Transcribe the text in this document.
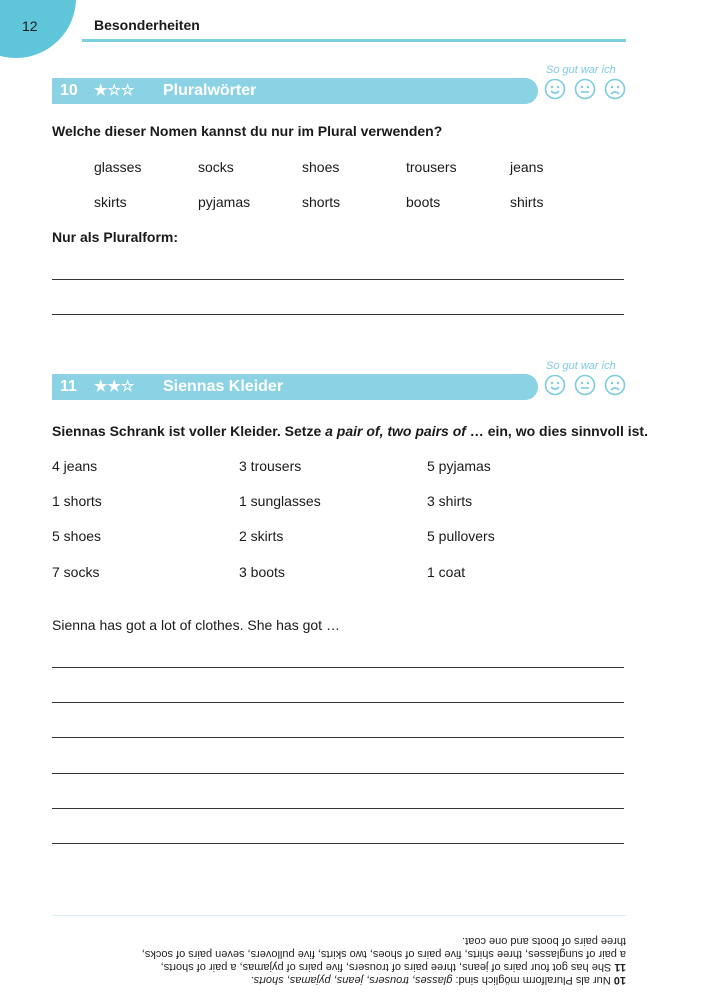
12	Besonderheiten
So gut war ich
10 ★☆☆ Pluralwörter
Welche dieser Nomen kannst du nur im Plural verwenden?
glasses	socks	shoes	trousers	jeans
skirts	pyjamas	shorts	boots	shirts
Nur als Pluralform:
So gut war ich
11 ★★☆ Siennas Kleider
Siennas Schrank ist voller Kleider. Setze a pair of, two pairs of … ein, wo dies sinnvoll ist.
4 jeans	3 trousers	5 pyjamas
1 shorts	1 sunglasses	3 shirts
5 shoes	2 skirts	5 pullovers
7 socks	3 boots	1 coat
Sienna has got a lot of clothes. She has got …

10 Nur als Pluralform möglich sind: glasses, trousers, jeans, pyjamas, shorts.

11 She has got four pairs of jeans, three pairs of trousers, five pairs of pyjamas, a pair of shorts,

a pair of sunglasses, three shirts, five pairs of shoes, two skirts, five pullovers, seven pairs of socks,

three pairs of boots and one coat.
